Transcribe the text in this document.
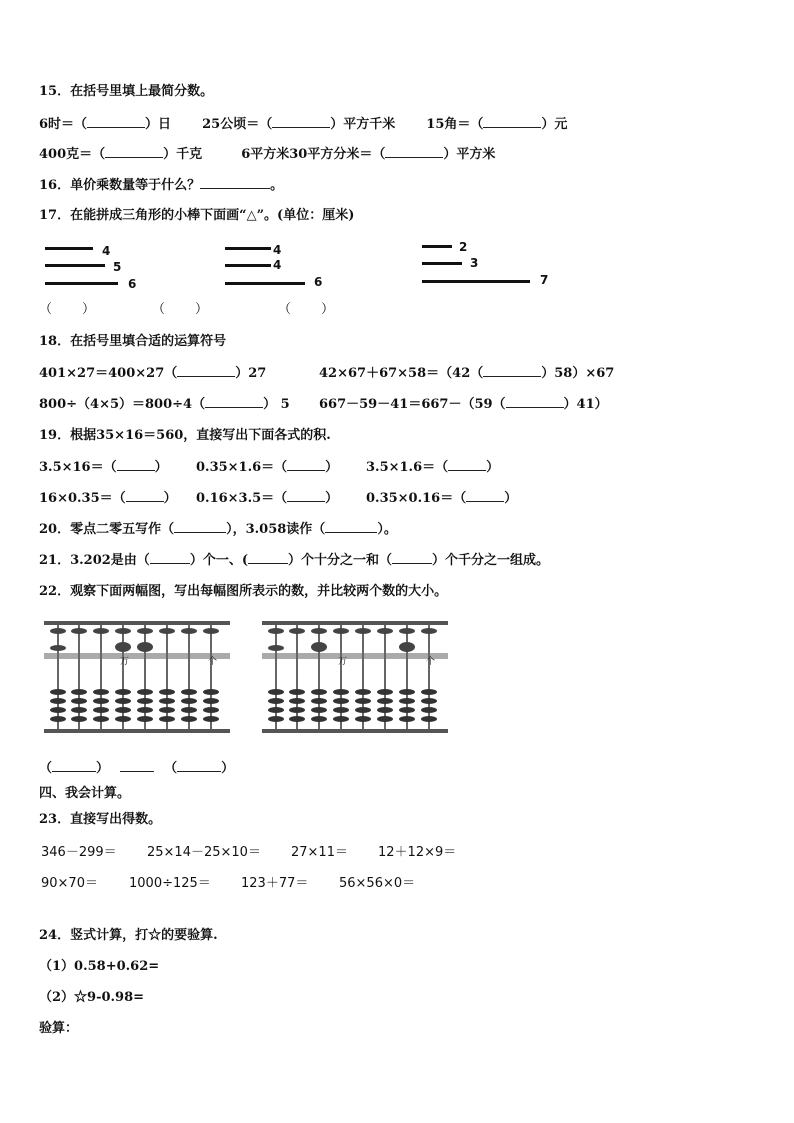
15．在括号里填上最简分数。
6时＝（	）日 25公顷＝（	）平方千米 15角＝（	）元
400克＝（	）千克	6平方米30平方分米＝（	）平方米
16．单价乘数量等于什么？	。
17．在能拼成三角形的小棒下面画“△”。(单位：厘米)
4
5
6
4
4
6
2
3
7
（ ）	（ ）	（ ）
18．在括号里填合适的运算符号
401×27＝400×27（	）27	42×67＋67×58＝（42（	）58）×67
800÷（4×5）＝800÷4（	） 5 667－59－41＝667－（59（	）41）
19．根据35×16＝560，直接写出下面各式的积.
3.5×16＝（	） 0.35×1.6＝（	） 3.5×1.6＝（	）
16×0.35＝（	） 0.16×3.5＝（	） 0.35×0.16＝（	）
20．零点二零五写作（	），3.058读作（	）。
21．3.202是由（	）个一、(	）个十分之一和（	）个千分之一组成。
22．观察下面两幅图，写出每幅图所表示的数，并比较两个数的大小。
万	个	万	个
（	）	（	）
四、我会计算。
23．直接写出得数。
346－299＝ 25×14－25×10＝ 27×11＝ 12＋12×9＝
90×70＝ 1000÷125＝ 123＋77＝ 56×56×0＝
24．竖式计算，打☆的要验算.
（1）0.58+0.62=
（2）☆9-0.98=
验算：
